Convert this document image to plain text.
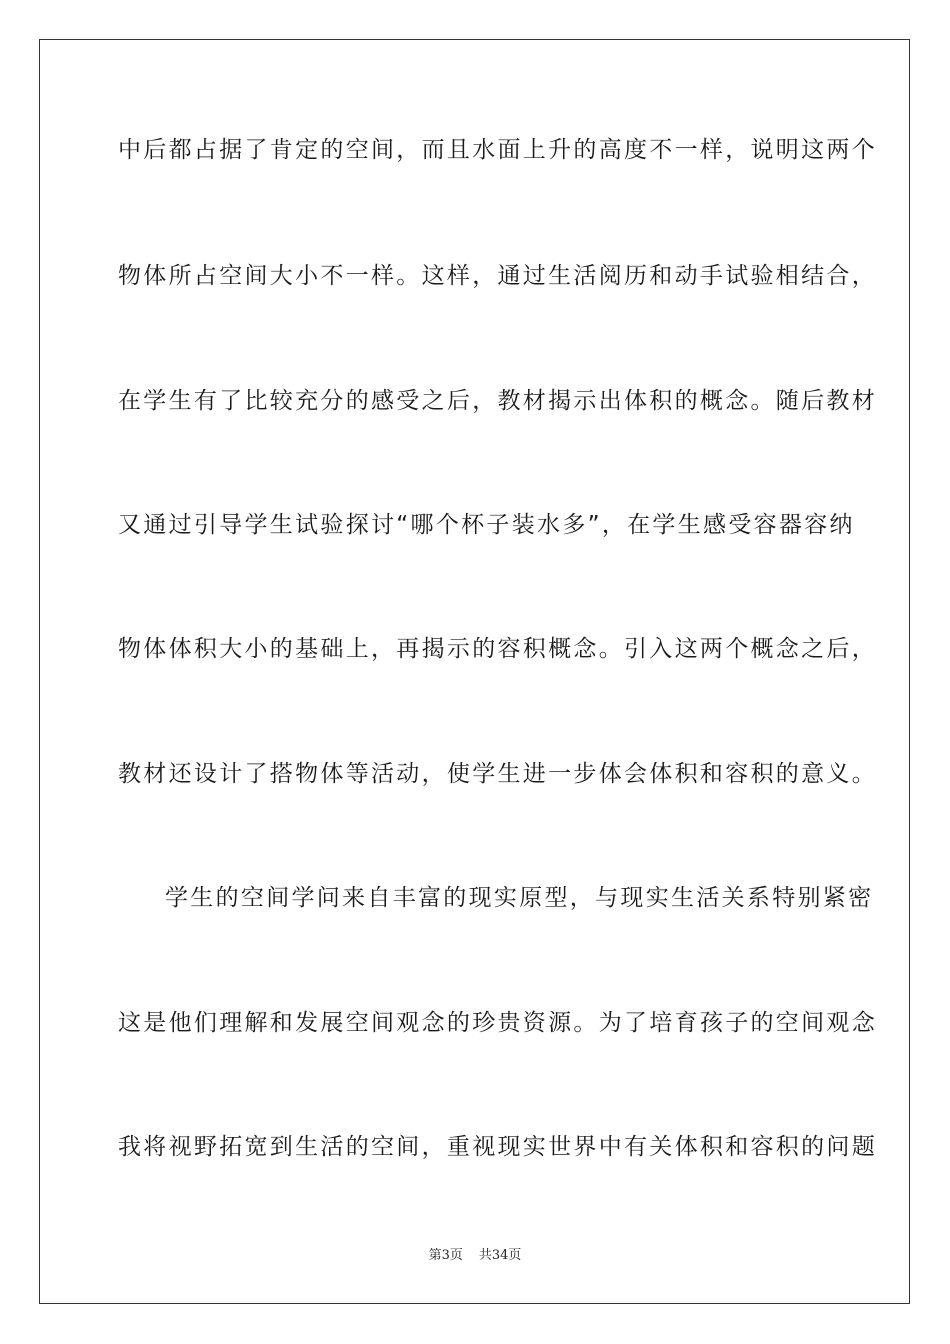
中后都占据了肯定的空间，而且水面上升的高度不一样，说明这两个
物体所占空间大小不一样。这样，通过生活阅历和动手试验相结合，
在学生有了比较充分的感受之后，教材揭示出体积的概念。随后教材
又通过引导学生试验探讨“哪个杯子装水多”，在学生感受容器容纳
物体体积大小的基础上，再揭示的容积概念。引入这两个概念之后，
教材还设计了搭物体等活动，使学生进一步体会体积和容积的意义。
学生的空间学问来自丰富的现实原型，与现实生活关系特别紧密
这是他们理解和发展空间观念的珍贵资源。为了培育孩子的空间观念
我将视野拓宽到生活的空间，重视现实世界中有关体积和容积的问题
第3页 共34页
